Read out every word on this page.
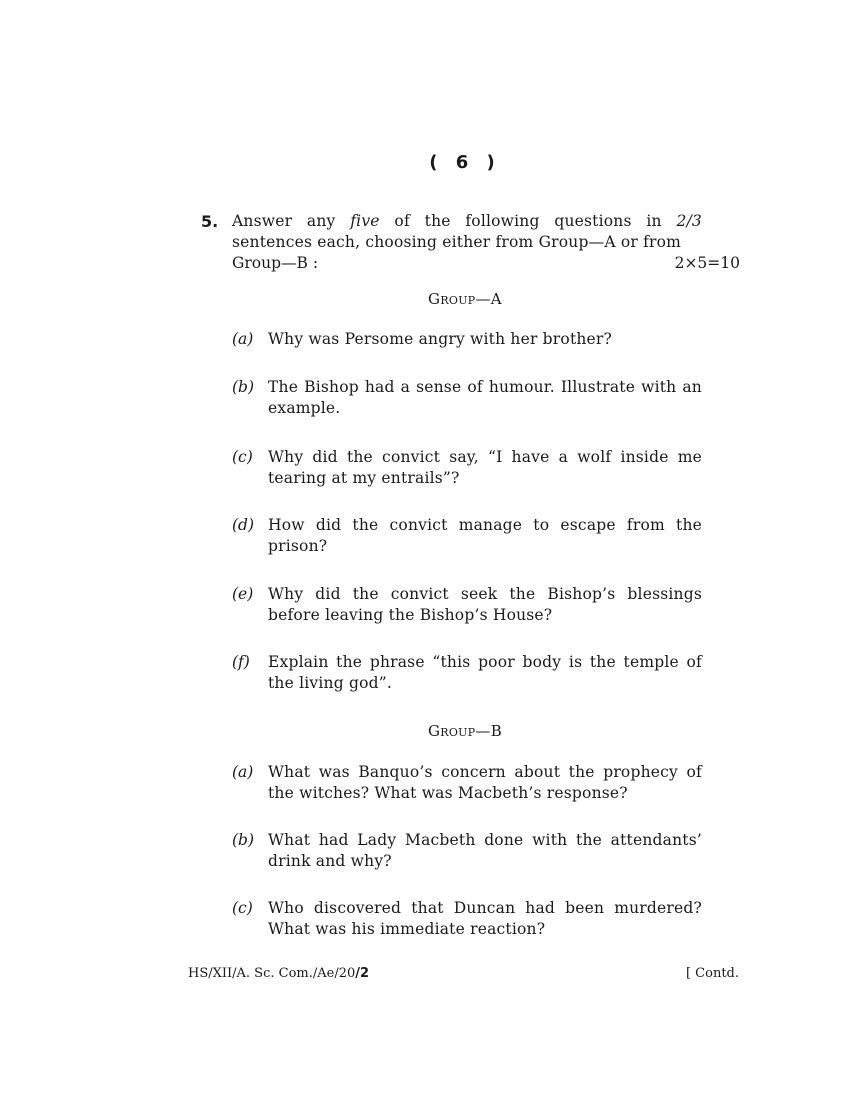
( 6 )
5. Answer any five of the following questions in 2/3 sentences each, choosing either from Group—A or from
Group—B :	2×5=10
Group—A
(a) Why was Persome angry with her brother?
(b) The Bishop had a sense of humour. Illustrate with an example.
(c) Why did the convict say, “I have a wolf inside me tearing at my entrails”?
(d) How did the convict manage to escape from the prison?
(e) Why did the convict seek the Bishop’s blessings before leaving the Bishop’s House?
(f) Explain the phrase “this poor body is the temple of the living god”.
Group—B
(a) What was Banquo’s concern about the prophecy of the witches? What was Macbeth’s response?
(b) What had Lady Macbeth done with the attendants’ drink and why?
(c) Who discovered that Duncan had been murdered? What was his immediate reaction?
HS/XII/A. Sc. Com./Ae/20/2	[ Contd.
